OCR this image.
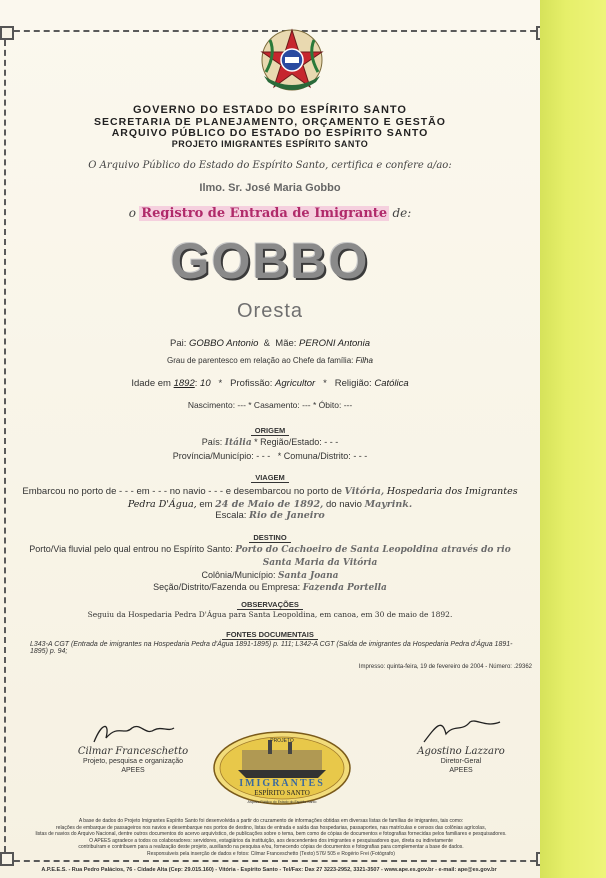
GOVERNO DO ESTADO DO ESPÍRITO SANTO
SECRETARIA DE PLANEJAMENTO, ORÇAMENTO E GESTÃO
ARQUIVO PÚBLICO DO ESTADO DO ESPÍRITO SANTO
PROJETO IMIGRANTES ESPÍRITO SANTO
O Arquivo Público do Estado do Espírito Santo, certifica e confere a/ao:
Ilmo. Sr. José Maria Gobbo
o Registro de Entrada de Imigrante de:
GOBBO
Oresta
Pai: GOBBO Antonio & Mãe: PERONI Antonia
Grau de parentesco em relação ao Chefe da família: Filha
Idade em 1892: 10 * Profissão: Agricultor * Religião: Católica
Nascimento: --- * Casamento: --- * Óbito: ---
ORIGEM
País: Itália * Região/Estado: - - -
Província/Município: - - - * Comuna/Distrito: - - -
VIAGEM
Embarcou no porto de - - - em - - - no navio - - - e desembarcou no porto de Vitória, Hospedaria dos Imigrantes
Pedra D'Água, em 24 de Maio de 1892, do navio Mayrink.
Escala: Rio de Janeiro
DESTINO
Porto/Via fluvial pelo qual entrou no Espírito Santo: Porto do Cachoeiro de Santa Leopoldina através do rio
Santa Maria da Vitória
Colônia/Município: Santa Joana
Seção/Distrito/Fazenda ou Empresa: Fazenda Portella
OBSERVAÇÕES
Seguiu da Hospedaria Pedra D'Água para Santa Leopoldina, em canoa, em 30 de maio de 1892.
FONTES DOCUMENTAIS
L343-A CGT (Entrada de imigrantes na Hospedaria Pedra d'Água 1891-1895) p. 111; L342-A CGT (Saída de imigrantes da Hospedaria Pedra d'Água 1891-1895) p. 94;
Impresso: quinta-feira, 19 de fevereiro de 2004 - Número: .29362
Cilmar Franceschetto
Projeto, pesquisa e organização
APEES
Agostino Lazzaro
Diretor-Geral
APEES
PROJETO
IMIGRANTES
ESPÍRITO SANTO
Arquivo Público do Estado do Espírito Santo
A base de dados do Projeto Imigrantes Espírito Santo foi desenvolvida a partir do cruzamento de informações obtidas em diversas listas de famílias de imigrantes, tais como:
relações de embarque de passageiros nos navios e desembarque nos portos de destino, listas de entrada e saída das hospedarias, passaportes, nas matrículas e censos das colônias agrícolas,
listas de navios do Arquivo Nacional, dentre outros documentos do acervo arquivístico, de publicações sobre o tema, bem como de cópias de documentos e fotografias fornecidas pelos familiares e pesquisadores.
O APEES agradece a todos os colaboradores: servidores, estagiários da instituição, aos descendentes dos imigrantes e pesquisadores que, direta ou indiretamente
contribuíram e contribuem para a realização deste projeto, auxiliando na pesquisa e/ou, fornecendo cópias de documentos e fotografias para complementar a base de dados.
Responsáveis pela inserção de dados e fotos: Cilmar Franceschetto (Texto) 576/ 505 e Rogério Frei (Fotógrafo)
A.P.E.E.S. - Rua Pedro Palácios, 76 - Cidade Alta (Cep: 29.015.160) - Vitória - Espírito Santo - Tel/Fax: Dax 27 3223-2952, 3321-3507 - www.ape.es.gov.br - e-mail: ape@es.gov.br
